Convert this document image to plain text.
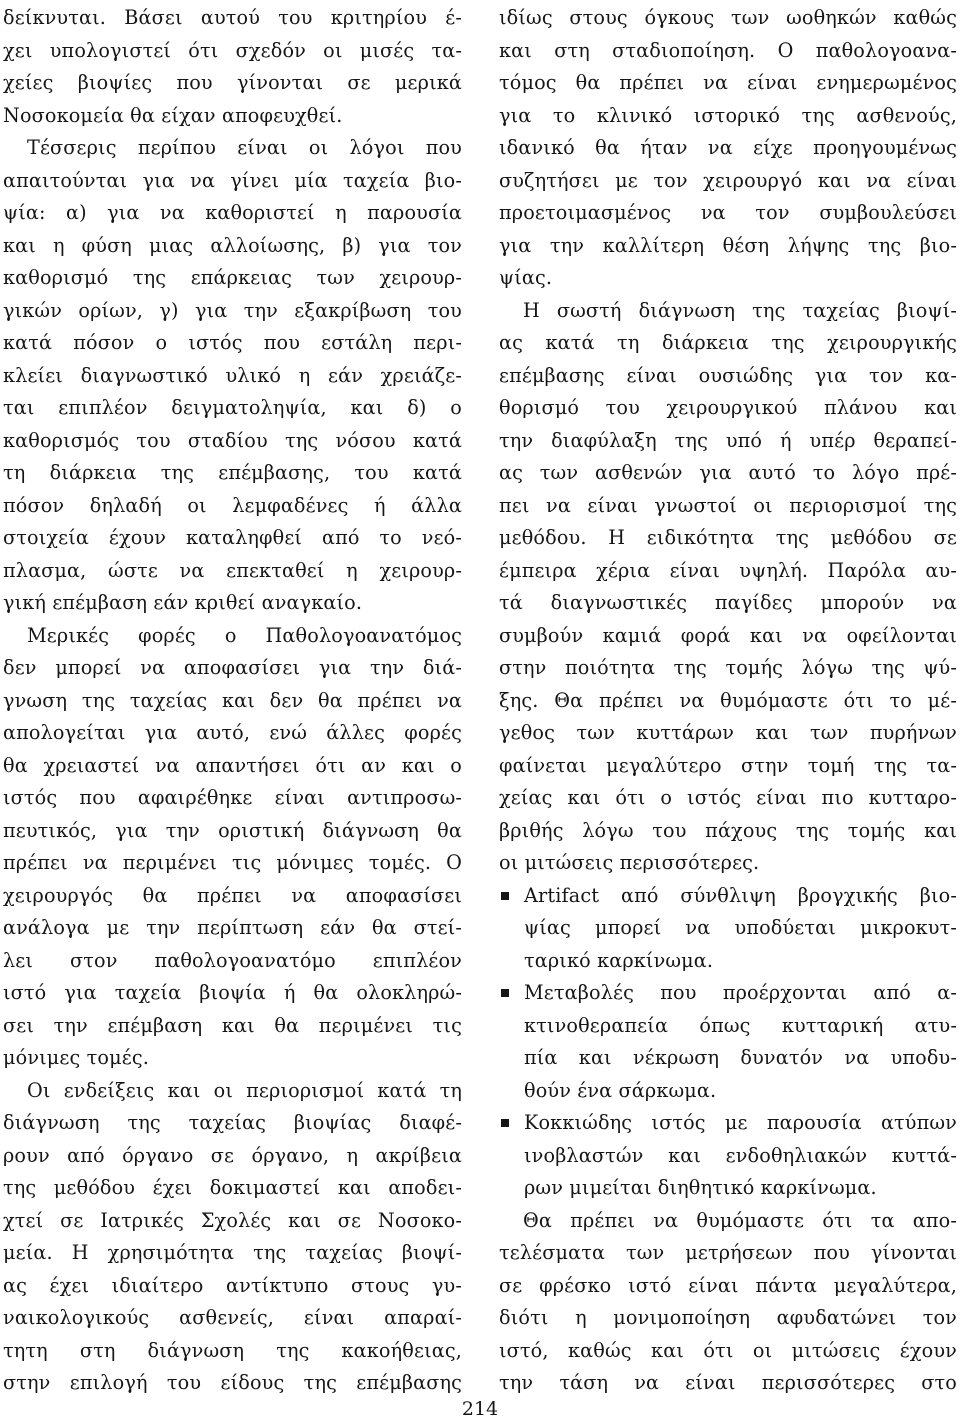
δείκνυται. Βάσει αυτού του κριτηρίου έ-
χει υπολογιστεί ότι σχεδόν οι μισές τα-
χείες βιοψίες που γίνονται σε μερικά
Νοσοκομεία θα είχαν αποφευχθεί.
Τέσσερις περίπου είναι οι λόγοι που
απαιτούνται για να γίνει μία ταχεία βιο-
ψία: α) για να καθοριστεί η παρουσία
και η φύση μιας αλλοίωσης, β) για τον
καθορισμό της επάρκειας των χειρουρ-
γικών ορίων, γ) για την εξακρίβωση του
κατά πόσον ο ιστός που εστάλη περι-
κλείει διαγνωστικό υλικό η εάν χρειάζε-
ται επιπλέον δειγματοληψία, και δ) ο
καθορισμός του σταδίου της νόσου κατά
τη διάρκεια της επέμβασης, του κατά
πόσον δηλαδή οι λεμφαδένες ή άλλα
στοιχεία έχουν καταληφθεί από το νεό-
πλασμα, ώστε να επεκταθεί η χειρουρ-
γική επέμβαση εάν κριθεί αναγκαίο.
Μερικές φορές ο Παθολογοανατόμος
δεν μπορεί να αποφασίσει για την διά-
γνωση της ταχείας και δεν θα πρέπει να
απολογείται για αυτό, ενώ άλλες φορές
θα χρειαστεί να απαντήσει ότι αν και ο
ιστός που αφαιρέθηκε είναι αντιπροσω-
πευτικός, για την οριστική διάγνωση θα
πρέπει να περιμένει τις μόνιμες τομές. Ο
χειρουργός θα πρέπει να αποφασίσει
ανάλογα με την περίπτωση εάν θα στεί-
λει στον παθολογοανατόμο επιπλέον
ιστό για ταχεία βιοψία ή θα ολοκληρώ-
σει την επέμβαση και θα περιμένει τις
μόνιμες τομές.
Οι ενδείξεις και οι περιορισμοί κατά τη
διάγνωση της ταχείας βιοψίας διαφέ-
ρουν από όργανο σε όργανο, η ακρίβεια
της μεθόδου έχει δοκιμαστεί και αποδει-
χτεί σε Ιατρικές Σχολές και σε Νοσοκο-
μεία. Η χρησιμότητα της ταχείας βιοψί-
ας έχει ιδιαίτερο αντίκτυπο στους γυ-
ναικολογικούς ασθενείς, είναι απαραί-
τητη στη διάγνωση της κακοήθειας,
στην επιλογή του είδους της επέμβασης
ιδίως στους όγκους των ωοθηκών καθώς
και στη σταδιοποίηση. Ο παθολογοανα-
τόμος θα πρέπει να είναι ενημερωμένος
για το κλινικό ιστορικό της ασθενούς,
ιδανικό θα ήταν να είχε προηγουμένως
συζητήσει με τον χειρουργό και να είναι
προετοιμασμένος να τον συμβουλεύσει
για την καλλίτερη θέση λήψης της βιο-
ψίας.
Η σωστή διάγνωση της ταχείας βιοψί-
ας κατά τη διάρκεια της χειρουργικής
επέμβασης είναι ουσιώδης για τον κα-
θορισμό του χειρουργικού πλάνου και
την διαφύλαξη της υπό ή υπέρ θεραπεί-
ας των ασθενών για αυτό το λόγο πρέ-
πει να είναι γνωστοί οι περιορισμοί της
μεθόδου. Η ειδικότητα της μεθόδου σε
έμπειρα χέρια είναι υψηλή. Παρόλα αυ-
τά διαγνωστικές παγίδες μπορούν να
συμβούν καμιά φορά και να οφείλονται
στην ποιότητα της τομής λόγω της ψύ-
ξης. Θα πρέπει να θυμόμαστε ότι το μέ-
γεθος των κυττάρων και των πυρήνων
φαίνεται μεγαλύτερο στην τομή της τα-
χείας και ότι ο ιστός είναι πιο κυτταρο-
βριθής λόγω του πάχους της τομής και
οι μιτώσεις περισσότερες.
Artifact από σύνθλιψη βρογχικής βιο-
ψίας μπορεί να υποδύεται μικροκυτ-
ταρικό καρκίνωμα.
Μεταβολές που προέρχονται από α-
κτινοθεραπεία όπως κυτταρική ατυ-
πία και νέκρωση δυνατόν να υποδυ-
θούν ένα σάρκωμα.
Κοκκιώδης ιστός με παρουσία ατύπων
ινοβλαστών και ενδοθηλιακών κυττά-
ρων μιμείται διηθητικό καρκίνωμα.
Θα πρέπει να θυμόμαστε ότι τα απο-
τελέσματα των μετρήσεων που γίνονται
σε φρέσκο ιστό είναι πάντα μεγαλύτερα,
διότι η μονιμοποίηση αφυδατώνει τον
ιστό, καθώς και ότι οι μιτώσεις έχουν
την τάση να είναι περισσότερες στο
214
